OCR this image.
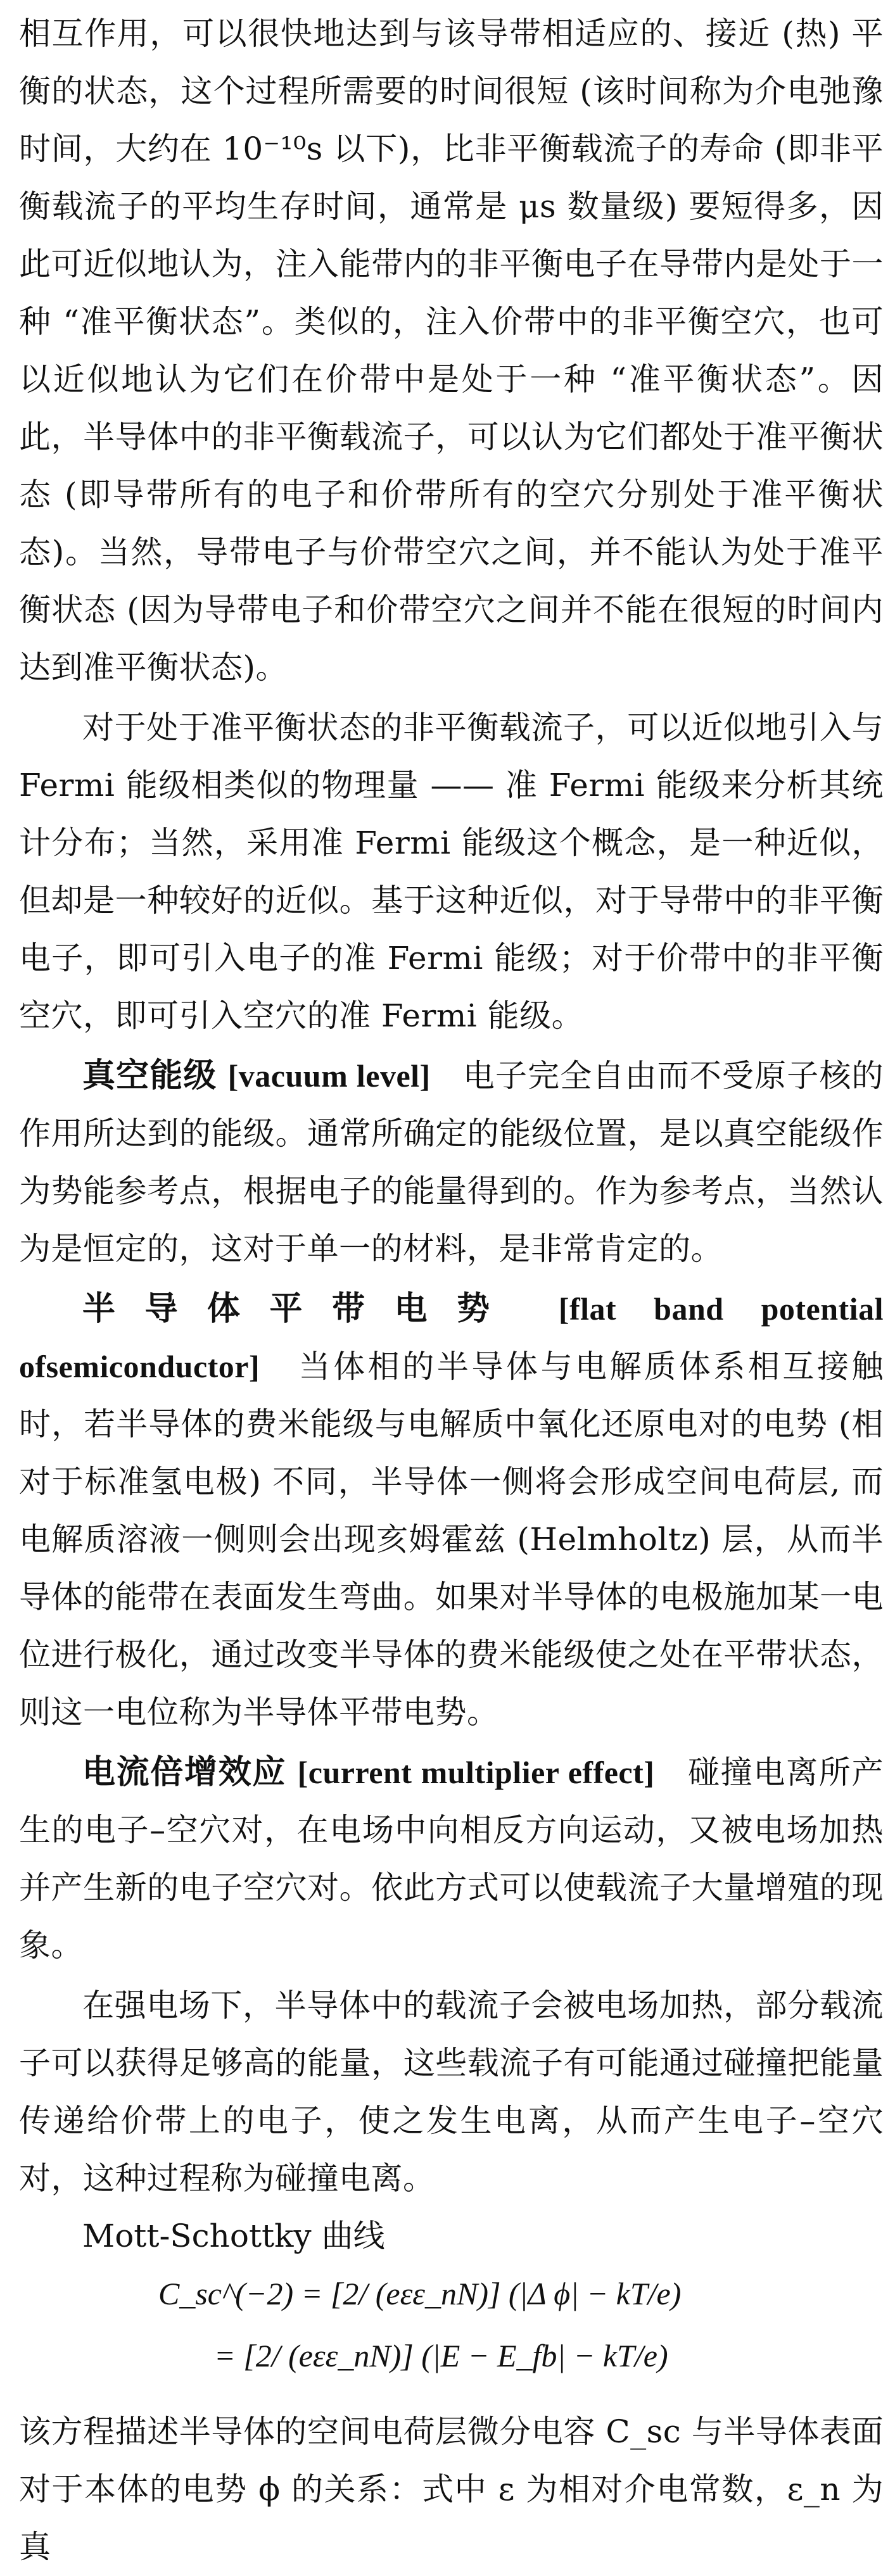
相互作用，可以很快地达到与该导带相适应的、接近 (热) 平衡的状态，这个过程所需要的时间很短 (该时间称为介电弛豫时间，大约在 10⁻¹⁰s 以下)，比非平衡载流子的寿命 (即非平衡载流子的平均生存时间，通常是 μs 数量级) 要短得多，因此可近似地认为，注入能带内的非平衡电子在导带内是处于一种 “准平衡状态”。类似的，注入价带中的非平衡空穴，也可以近似地认为它们在价带中是处于一种 “准平衡状态”。因此，半导体中的非平衡载流子，可以认为它们都处于准平衡状态 (即导带所有的电子和价带所有的空穴分别处于准平衡状态)。当然，导带电子与价带空穴之间，并不能认为处于准平衡状态 (因为导带电子和价带空穴之间并不能在很短的时间内达到准平衡状态)。

对于处于准平衡状态的非平衡载流子，可以近似地引入与 Fermi 能级相类似的物理量 —— 准 Fermi 能级来分析其统计分布；当然，采用准 Fermi 能级这个概念，是一种近似，但却是一种较好的近似。基于这种近似，对于导带中的非平衡电子，即可引入电子的准 Fermi 能级；对于价带中的非平衡空穴，即可引入空穴的准 Fermi 能级。

真空能级 [vacuum level] 电子完全自由而不受原子核的作用所达到的能级。通常所确定的能级位置，是以真空能级作为势能参考点，根据电子的能量得到的。作为参考点，当然认为是恒定的，这对于单一的材料，是非常肯定的。

半导体平带电势 [flat band potential ofsemiconductor] 当体相的半导体与电解质体系相互接触时，若半导体的费米能级与电解质中氧化还原电对的电势 (相对于标准氢电极) 不同，半导体一侧将会形成空间电荷层, 而电解质溶液一侧则会出现亥姆霍兹 (Helmholtz) 层，从而半导体的能带在表面发生弯曲。如果对半导体的电极施加某一电位进行极化，通过改变半导体的费米能级使之处在平带状态，则这一电位称为半导体平带电势。

电流倍增效应 [current multiplier effect] 碰撞电离所产生的电子–空穴对，在电场中向相反方向运动，又被电场加热并产生新的电子空穴对。依此方式可以使载流子大量增殖的现象。

在强电场下，半导体中的载流子会被电场加热，部分载流子可以获得足够高的能量，这些载流子有可能通过碰撞把能量传递给价带上的电子，使之发生电离，从而产生电子–空穴对，这种过程称为碰撞电离。

Mott-Schottky 曲线

C_sc^(−2) = [2/ (eεε_nN)] (|Δ ϕ| − kT/e)
= [2/ (eεε_nN)] (|E − E_fb| − kT/e)

该方程描述半导体的空间电荷层微分电容 C_sc 与半导体表面对于本体的电势 ϕ 的关系：式中 ε 为相对介电常数，ε_n 为真
